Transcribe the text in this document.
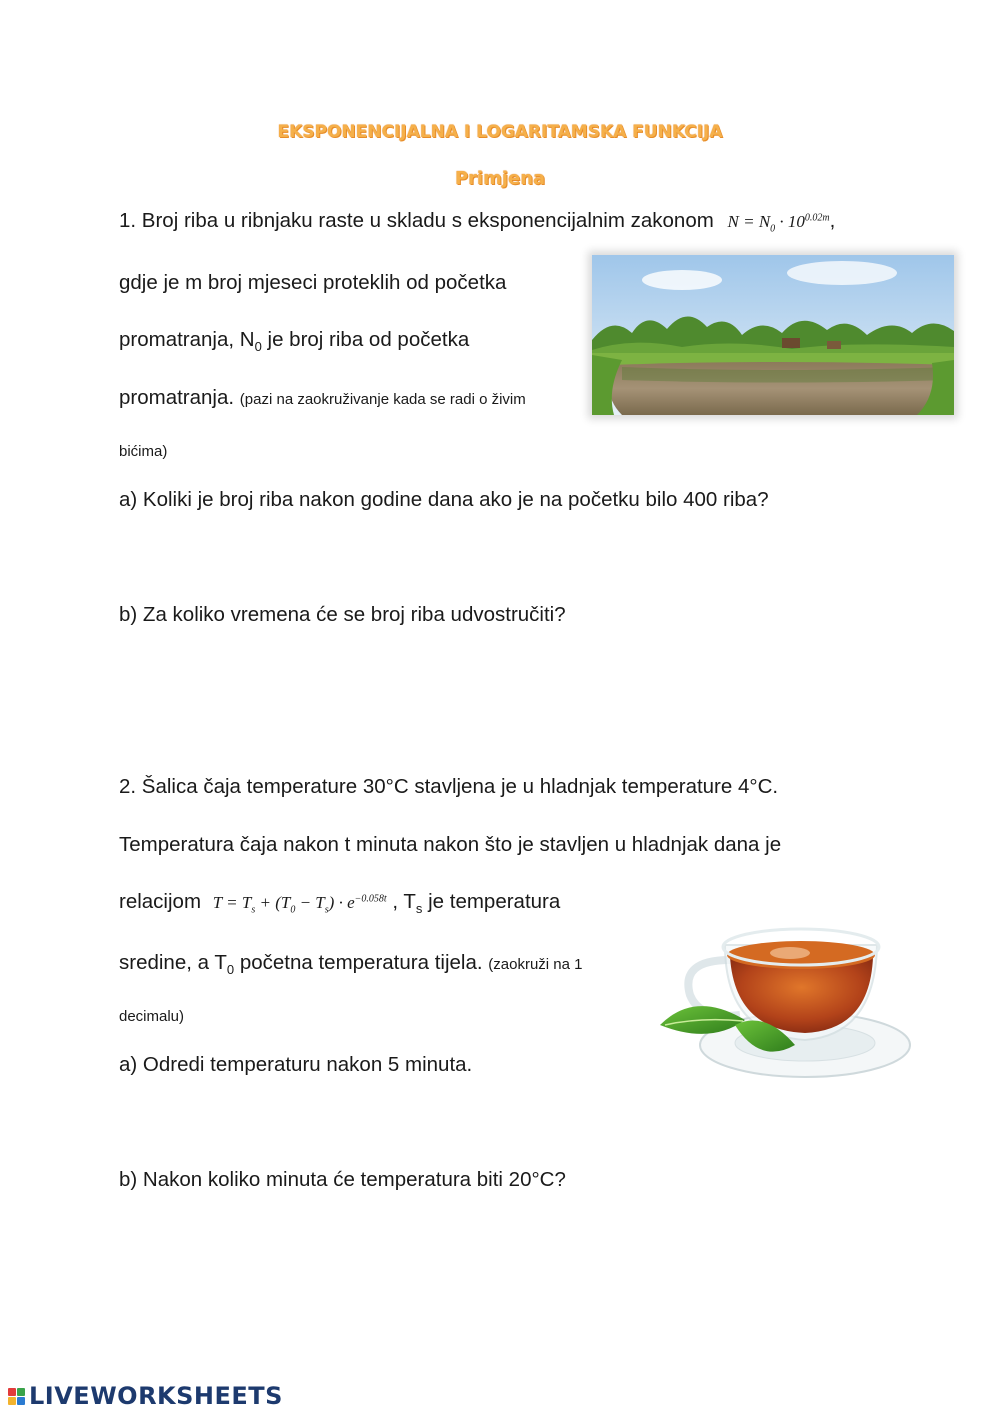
EKSPONENCIJALNA I LOGARITAMSKA FUNKCIJA
Primjena
1. Broj riba u ribnjaku raste u skladu s eksponencijalnim zakonom $N = N_0 \cdot 10^{0.02m}$,
gdje je m broj mjeseci proteklih od početka
promatranja, $N_0$ je broj riba od početka
promatranja. (pazi na zaokruživanje kada se radi o živim
bićima)
a) Koliki je broj riba nakon godine dana ako je na početku bilo 400 riba?
b) Za koliko vremena će se broj riba udvostručiti?
2. Šalica čaja temperature 30°C stavljena je u hladnjak temperature 4°C.
Temperatura čaja nakon t minuta nakon što je stavljen u hladnjak dana je
relacijom $T = T_s + (T_0 - T_s) \cdot e^{-0.058t}$ , $T_s$ je temperatura
sredine, a $T_0$ početna temperatura tijela. (zaokruži na 1
decimalu)
a) Odredi temperaturu nakon 5 minuta.
b) Nakon koliko minuta će temperatura biti 20°C?
LIVEWORKSHEETS
